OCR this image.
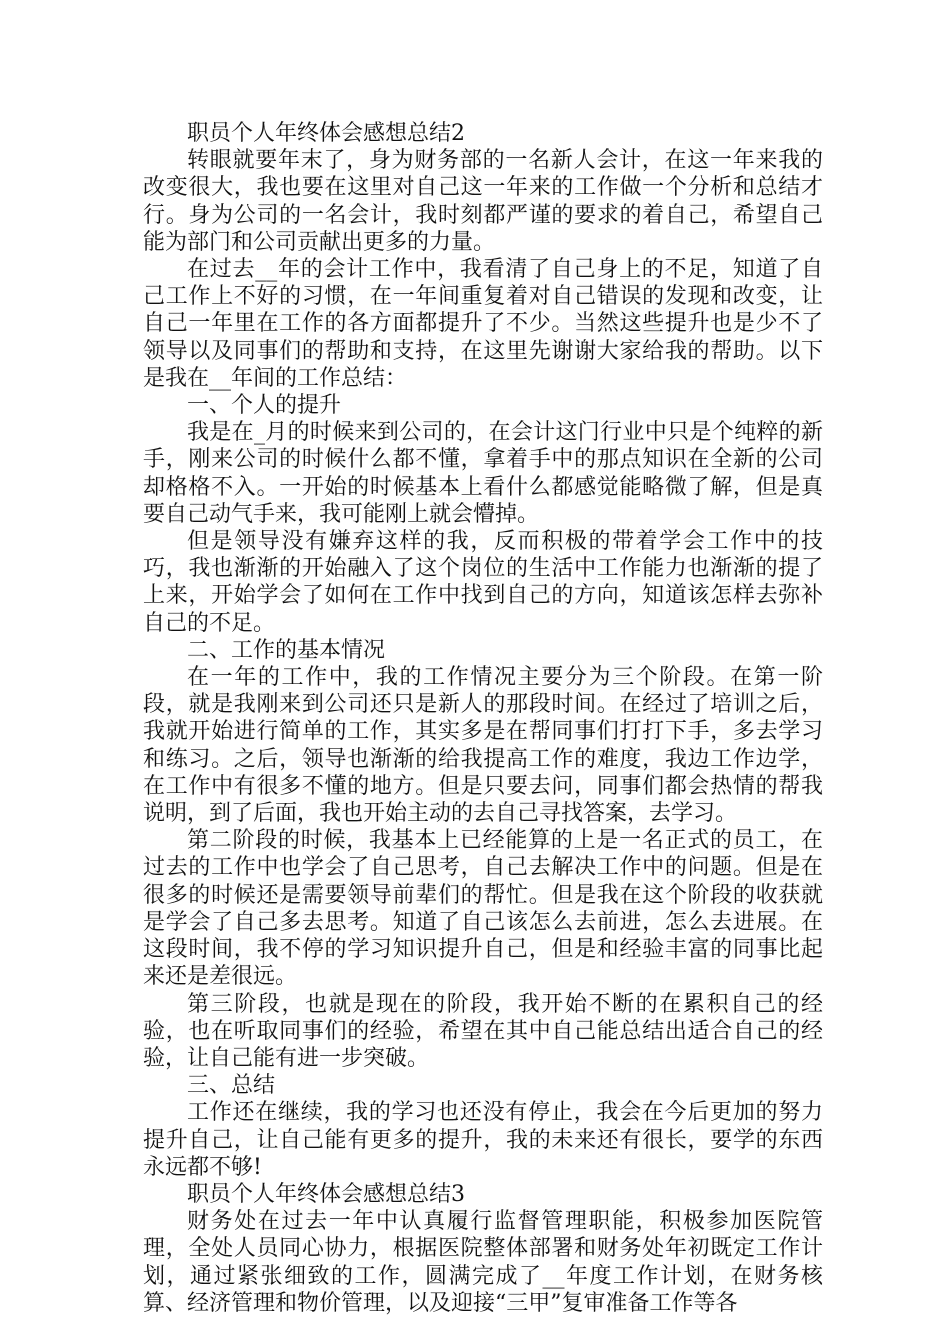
职员个人年终体会感想总结2
转眼就要年末了，身为财务部的一名新人会计，在这一年来我的改变很大，我也要在这里对自己这一年来的工作做一个分析和总结才行。身为公司的一名会计，我时刻都严谨的要求的着自己，希望自己能为部门和公司贡献出更多的力量。
在过去__年的会计工作中，我看清了自己身上的不足，知道了自己工作上不好的习惯，在一年间重复着对自己错误的发现和改变，让自己一年里在工作的各方面都提升了不少。当然这些提升也是少不了领导以及同事们的帮助和支持，在这里先谢谢大家给我的帮助。以下是我在__年间的工作总结：
一、个人的提升
我是在_月的时候来到公司的，在会计这门行业中只是个纯粹的新手，刚来公司的时候什么都不懂，拿着手中的那点知识在全新的公司却格格不入。一开始的时候基本上看什么都感觉能略微了解，但是真要自己动气手来，我可能刚上就会懵掉。
但是领导没有嫌弃这样的我，反而积极的带着学会工作中的技巧，我也渐渐的开始融入了这个岗位的生活中工作能力也渐渐的提了上来，开始学会了如何在工作中找到自己的方向，知道该怎样去弥补自己的不足。
二、工作的基本情况
在一年的工作中，我的工作情况主要分为三个阶段。在第一阶段，就是我刚来到公司还只是新人的那段时间。在经过了培训之后，我就开始进行简单的工作，其实多是在帮同事们打打下手，多去学习和练习。之后，领导也渐渐的给我提高工作的难度，我边工作边学，在工作中有很多不懂的地方。但是只要去问，同事们都会热情的帮我说明，到了后面，我也开始主动的去自己寻找答案，去学习。
第二阶段的时候，我基本上已经能算的上是一名正式的员工，在过去的工作中也学会了自己思考，自己去解决工作中的问题。但是在很多的时候还是需要领导前辈们的帮忙。但是我在这个阶段的收获就是学会了自己多去思考。知道了自己该怎么去前进，怎么去进展。在这段时间，我不停的学习知识提升自己，但是和经验丰富的同事比起来还是差很远。
第三阶段，也就是现在的阶段，我开始不断的在累积自己的经验，也在听取同事们的经验，希望在其中自己能总结出适合自己的经验，让自己能有进一步突破。
三、总结
工作还在继续，我的学习也还没有停止，我会在今后更加的努力提升自己，让自己能有更多的提升，我的未来还有很长，要学的东西永远都不够!
职员个人年终体会感想总结3
财务处在过去一年中认真履行监督管理职能，积极参加医院管理，全处人员同心协力，根据医院整体部署和财务处年初既定工作计划，通过紧张细致的工作，圆满完成了__年度工作计划，在财务核算、经济管理和物价管理，以及迎接“三甲”复审准备工作等各
